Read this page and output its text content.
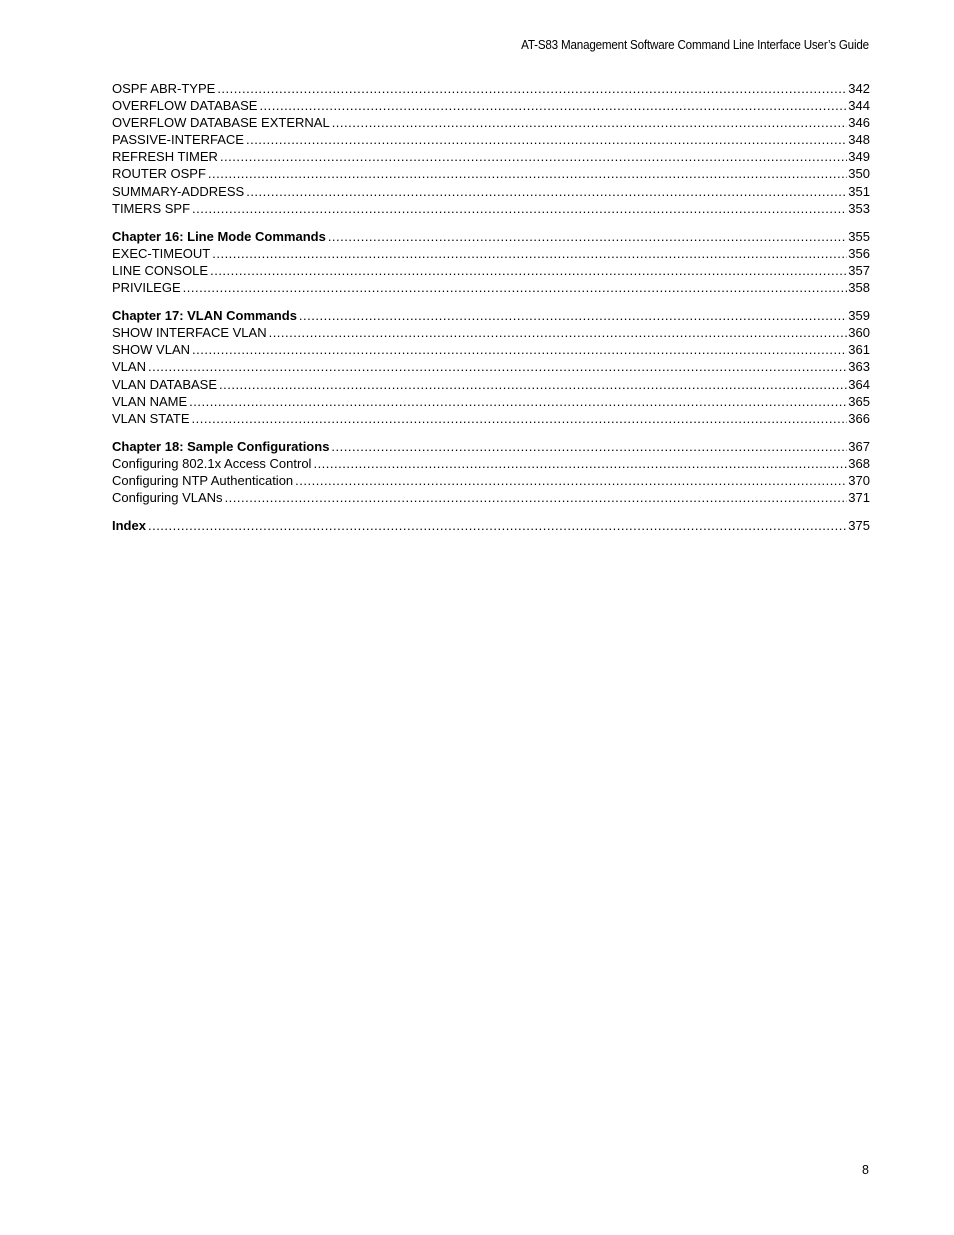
AT-S83 Management Software Command Line Interface User’s Guide
OSPF ABR-TYPE .....	342
OVERFLOW DATABASE .....	344
OVERFLOW DATABASE EXTERNAL .....	346
PASSIVE-INTERFACE .....	348
REFRESH TIMER .....	349
ROUTER OSPF .....	350
SUMMARY-ADDRESS .....	351
TIMERS SPF .....	353
Chapter 16: Line Mode Commands .....	355
EXEC-TIMEOUT .....	356
LINE CONSOLE .....	357
PRIVILEGE .....	358
Chapter 17: VLAN Commands .....	359
SHOW INTERFACE VLAN .....	360
SHOW VLAN .....	361
VLAN .....	363
VLAN DATABASE .....	364
VLAN NAME .....	365
VLAN STATE .....	366
Chapter 18: Sample Configurations .....	367
Configuring 802.1x Access Control .....	368
Configuring NTP Authentication .....	370
Configuring VLANs .....	371
Index .....	375
8
